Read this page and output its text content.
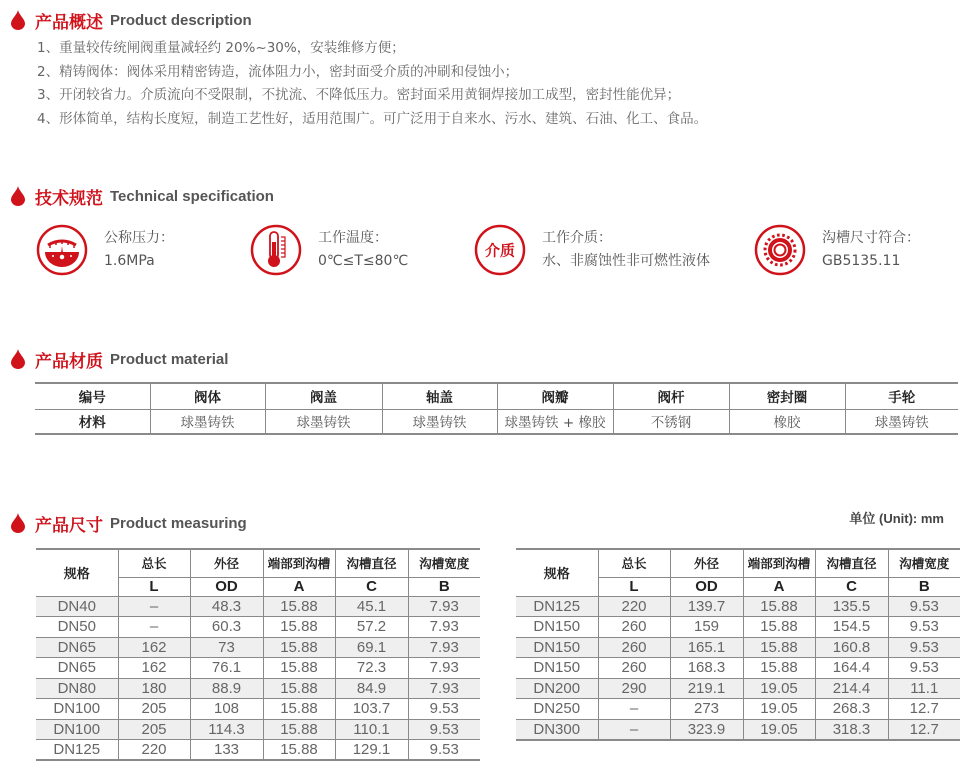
产品概述 Product description
1、重量较传统闸阀重量减轻约 20%~30%，安装维修方便；
2、精铸阀体：阀体采用精密铸造，流体阻力小，密封面受介质的冲刷和侵蚀小；
3、开闭较省力。介质流向不受限制，不扰流、不降低压力。密封面采用黄铜焊接加工成型，密封性能优异；
4、形体简单，结构长度短，制造工艺性好，适用范围广。可广泛用于自来水、污水、建筑、石油、化工、食品。
技术规范 Technical specification
公称压力：
1.6MPa
工作温度：
0℃≤T≤80℃
介质
工作介质：
水、非腐蚀性非可燃性液体
沟槽尺寸符合：
GB5135.11
产品材质 Product material
编号	阀体	阀盖	轴盖	阀瓣	阀杆	密封圈	手轮
材料	球墨铸铁	球墨铸铁	球墨铸铁	球墨铸铁 + 橡胶	不锈钢	橡胶	球墨铸铁
产品尺寸 Product measuring	单位 (Unit): mm
规格	总长	外径	端部到沟槽	沟槽直径	沟槽宽度
	L	OD	A	C	B
DN40	–	48.3	15.88	45.1	7.93
DN50	–	60.3	15.88	57.2	7.93
DN65	162	73	15.88	69.1	7.93
DN65	162	76.1	15.88	72.3	7.93
DN80	180	88.9	15.88	84.9	7.93
DN100	205	108	15.88	103.7	9.53
DN100	205	114.3	15.88	110.1	9.53
DN125	220	133	15.88	129.1	9.53
规格	总长	外径	端部到沟槽	沟槽直径	沟槽宽度
	L	OD	A	C	B
DN125	220	139.7	15.88	135.5	9.53
DN150	260	159	15.88	154.5	9.53
DN150	260	165.1	15.88	160.8	9.53
DN150	260	168.3	15.88	164.4	9.53
DN200	290	219.1	19.05	214.4	11.1
DN250	–	273	19.05	268.3	12.7
DN300	–	323.9	19.05	318.3	12.7
